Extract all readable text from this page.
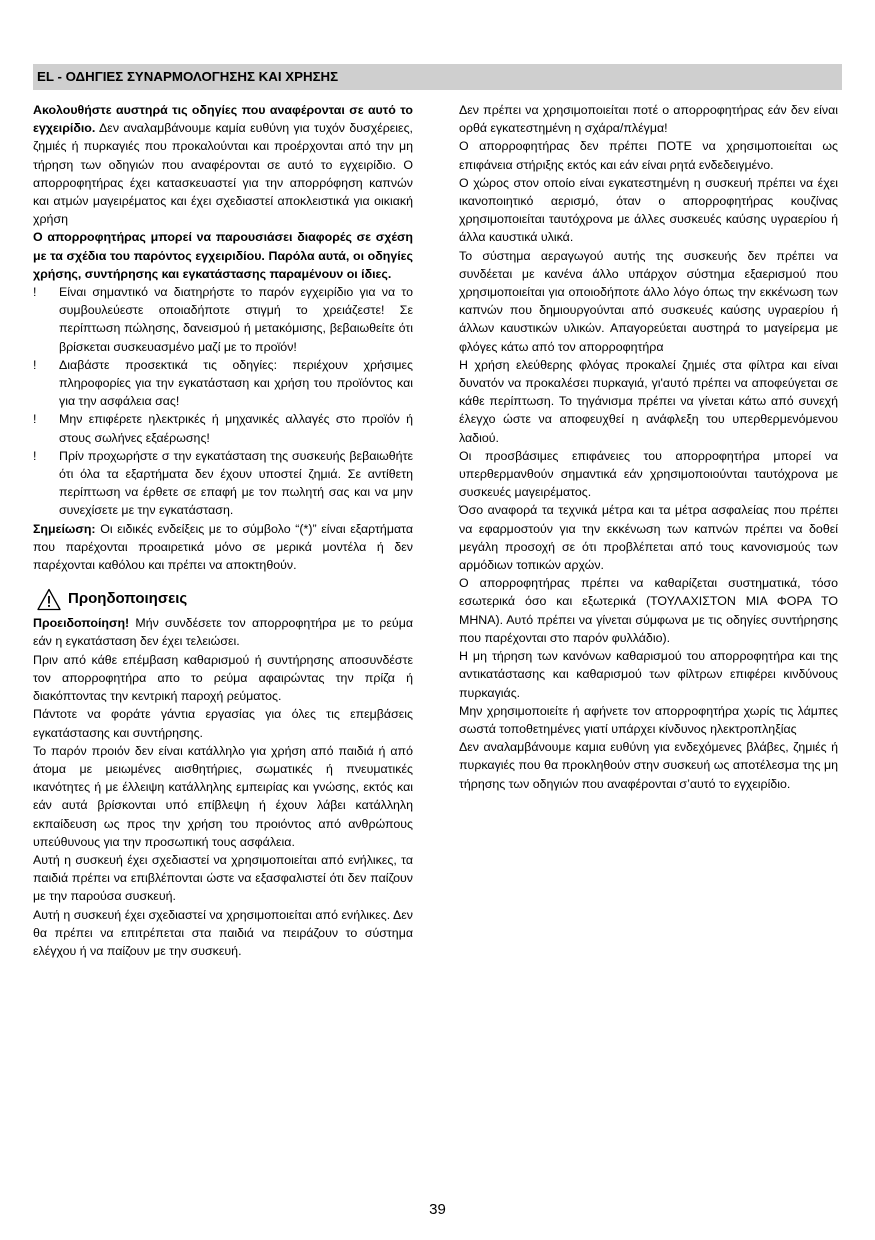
EL - ΟΔΗΓΙΕΣ ΣΥΝΑΡΜΟΛΟΓΗΣΗΣ ΚΑΙ ΧΡΗΣΗΣ

Ακολουθήστε αυστηρά τις οδηγίες που αναφέρονται σε αυτό το εγχειρίδιο. Δεν αναλαμβάνουμε καμία ευθύνη για τυχόν δυσχέρειες, ζημιές ή πυρκαγιές που προκαλούνται και προέρχονται από την μη τήρηση των οδηγιών που αναφέρονται σε αυτό το εγχειρίδιο. Ο απορροφητήρας έχει κατασκευαστεί για την απορρόφηση καπνών και ατμών μαγειρέματος και έχει σχεδιαστεί αποκλειστικά για οικιακή χρήση

Ο απορροφητήρας μπορεί να παρουσιάσει διαφορές σε σχέση με τα σχέδια του παρόντος εγχειριδίου. Παρόλα αυτά, οι οδηγίες χρήσης, συντήρησης και εγκατάστασης παραμένουν οι ίδιες.

!	Είναι σημαντικό να διατηρήστε το παρόν εγχειρίδιο για να το συμβουλεύεστε οποιαδήποτε στιγμή το χρειάζεστε! Σε περίπτωση πώλησης, δανεισμού ή μετακόμισης, βεβαιωθείτε ότι βρίσκεται συσκευασμένο μαζί με το προϊόν!
!	Διαβάστε προσεκτικά τις οδηγίες: περιέχουν χρήσιμες πληροφορίες για την εγκατάσταση και χρήση του προϊόντος και για την ασφάλεια σας!
!	Μην επιφέρετε ηλεκτρικές ή μηχανικές αλλαγές στο προϊόν ή στους σωλήνες εξαέρωσης!
!	Πρίν προχωρήστε σ την εγκατάσταση της συσκευής βεβαιωθήτε ότι όλα τα εξαρτήματα δεν έχουν υποστεί ζημιά. Σε αντίθετη περίπτωση να έρθετε σε επαφή με τον πωλητή σας και να μην συνεχίσετε με την εγκατάσταση.

Σημείωση: Οι ειδικές ενδείξεις με το σύμβολο “(*)” είναι εξαρτήματα που παρέχονται προαιρετικά μόνο σε μερικά μοντέλα ή δεν παρέχονται καθόλου και πρέπει να αποκτηθούν.

Προηδοποιησεις

Προειδοποίηση! Μήν συνδέσετε τον απορροφητήρα με το ρεύμα εάν η εγκατάσταση δεν έχει τελειώσει.

Πριν από κάθε επέμβαση καθαρισμού ή συντήρησης αποσυνδέστε τον απορροφητήρα απο το ρεύμα αφαιρώντας την πρίζα ή διακόπτοντας την κεντρική παροχή ρεύματος.

Πάντοτε να φοράτε γάντια εργασίας για όλες τις επεμβάσεις εγκατάστασης και συντήρησης.

Το παρόν προιόν δεν είναι κατάλληλο για χρήση από παιδιά ή από άτομα με μειωμένες αισθητήριες, σωματικές ή πνευματικές ικανότητες ή με έλλειψη κατάλληλης εμπειρίας και γνώσης, εκτός και εάν αυτά βρίσκονται υπό επίβλεψη ή έχουν λάβει κατάλληλη εκπαίδευση ως προς την χρήση του προιόντος από ανθρώπους υπεύθυνους για την προσωπική τους ασφάλεια.

Αυτή η συσκευή έχει σχεδιαστεί να χρησιμοποιείται από ενήλικες, τα παιδιά πρέπει να επιβλέπονται ώστε να εξασφαλιστεί ότι δεν παίζουν με την παρούσα συσκευή.

Αυτή η συσκευή έχει σχεδιαστεί να χρησιμοποιείται από ενήλικες. Δεν θα πρέπει να επιτρέπεται στα παιδιά να πειράζουν το σύστημα ελέγχου ή να παίζουν με την συσκευή.

Δεν πρέπει να χρησιμοποιείται ποτέ ο απορροφητήρας εάν δεν είναι ορθά εγκατεστημένη η σχάρα/πλέγμα!

Ο απορροφητήρας δεν πρέπει ΠΟΤΕ να χρησιμοποιείται ως επιφάνεια στήριξης εκτός και εάν είναι ρητά ενδεδειγμένο.

Ο χώρος στον οποίο είναι εγκατεστημένη η συσκευή πρέπει να έχει ικανοποιητικό αερισμό, όταν ο απορροφητήρας κουζίνας χρησιμοποιείται ταυτόχρονα με άλλες συσκευές καύσης υγραερίου ή άλλα καυστικά υλικά.

Το σύστημα αεραγωγού αυτής της συσκευής δεν πρέπει να συνδέεται με κανένα άλλο υπάρχον σύστημα εξαερισμού που χρησιμοποιείται για οποιοδήποτε άλλο λόγο όπως την εκκένωση των καπνών που δημιουργούνται από συσκευές καύσης υγραερίου ή άλλων καυστικών υλικών. Απαγορεύεται αυστηρά το μαγείρεμα με φλόγες κάτω από τον απορροφητήρα

Η χρήση ελεύθερης φλόγας προκαλεί ζημιές στα φίλτρα και είναι δυνατόν να προκαλέσει πυρκαγιά, γι'αυτό πρέπει να αποφεύγεται σε κάθε περίπτωση. Το τηγάνισμα πρέπει να γίνεται κάτω από συνεχή έλεγχο ώστε να αποφευχθεί η ανάφλεξη του υπερθερμενόμενου λαδιού.

Οι προσβάσιμες επιφάνειες του απορροφητήρα μπορεί να υπερθερμανθούν σημαντικά εάν χρησιμοποιούνται ταυτόχρονα με συσκευές μαγειρέματος.

Όσο αναφορά τα τεχνικά μέτρα και τα μέτρα ασφαλείας που πρέπει να εφαρμοστούν για την εκκένωση των καπνών πρέπει να δοθεί μεγάλη προσοχή σε ότι προβλέπεται από τους κανονισμούς των αρμόδιων τοπικών αρχών.

Ο απορροφητήρας πρέπει να καθαρίζεται συστηματικά, τόσο εσωτερικά όσο και εξωτερικά (ΤΟΥΛΑΧΙΣΤΟΝ ΜΙΑ ΦΟΡΑ ΤΟ ΜΗΝΑ). Αυτό πρέπει να γίνεται σύμφωνα με τις οδηγίες συντήρησης που παρέχονται στο παρόν φυλλάδιο).

Η μη τήρηση των κανόνων καθαρισμού του απορροφητήρα και της αντικατάστασης και καθαρισμού των φίλτρων επιφέρει κινδύνους πυρκαγιάς.

Μην χρησιμοποιείτε ή αφήνετε τον απορροφητήρα χωρίς τις λάμπες σωστά τοποθετημένες γιατί υπάρχει κίνδυνος ηλεκτροπληξίας

Δεν αναλαμβάνουμε καμια ευθύνη για ενδεχόμενες βλάβες, ζημιές ή πυρκαγιές που θα προκληθούν στην συσκευή ως αποτέλεσμα της μη τήρησης των οδηγιών που αναφέρονται σ’αυτό το εγχειρίδιο.

39
